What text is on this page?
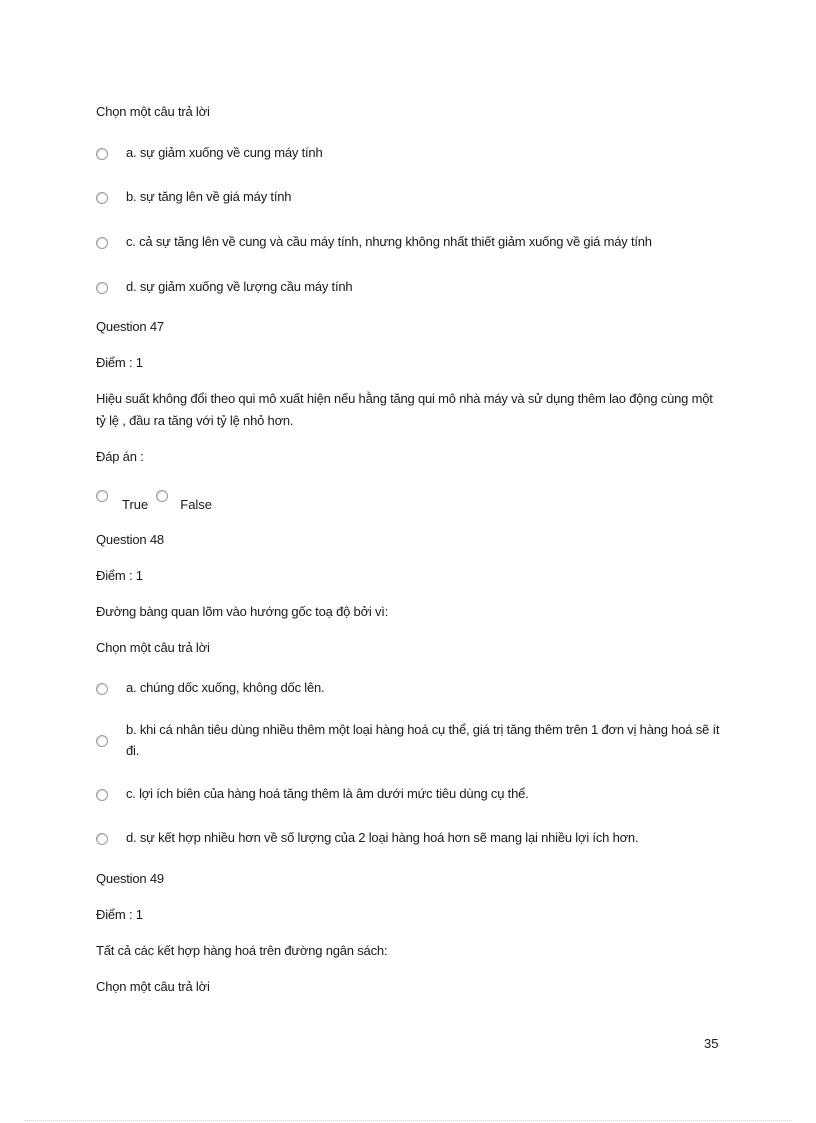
Chọn một câu trả lời
a. sự giảm xuống về cung máy tính
b. sự tăng lên về giá máy tính
c. cả sự tăng lên về cung và cầu máy tính, nhưng không nhất thiết giảm xuống về giá máy tính
d. sự giảm xuống về lượng cầu máy tính
Question 47
Điểm : 1
Hiệu suất không đổi theo qui mô xuất hiện nếu hằng tăng qui mô nhà máy và sử dụng thêm lao động cùng một tỷ lệ , đầu ra tăng với tỷ lệ nhỏ hơn.
Đáp án :
True False
Question 48
Điểm : 1
Đường bàng quan lõm vào hướng gốc toạ độ bởi vì:
Chọn một câu trả lời
a. chúng dốc xuống, không dốc lên.
b. khi cá nhân tiêu dùng nhiều thêm một loại hàng hoá cụ thể, giá trị tăng thêm trên 1 đơn vị hàng hoá sẽ ít đi.
c. lợi ích biên của hàng hoá tăng thêm là âm dưới mức tiêu dùng cụ thể.
d. sự kết hợp nhiều hơn về số lượng của 2 loại hàng hoá hơn sẽ mang lại nhiều lợi ích hơn.
Question 49
Điểm : 1
Tất cả các kết hợp hàng hoá trên đường ngân sách:
Chọn một câu trả lời
35
